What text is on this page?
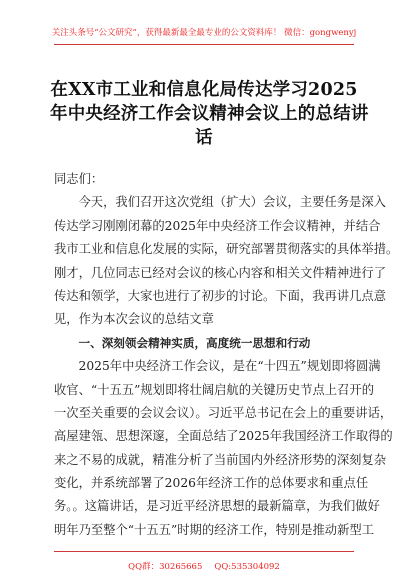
关注头条号“公文研究”，获得最新最全最专业的公文资料库！ 微信：gongwenyj
在XX市工业和信息化局传达学习2025
年中央经济工作会议精神会议上的总结讲
话
同志们：
今天，我们召开这次党组（扩大）会议，主要任务是深入
传达学习刚刚闭幕的2025年中央经济工作会议精神，并结合
我市工业和信息化发展的实际，研究部署贯彻落实的具体举措。
刚才，几位同志已经对会议的核心内容和相关文件精神进行了
传达和领学，大家也进行了初步的讨论。下面，我再讲几点意
见，作为本次会议的总结文章
一、深刻领会精神实质，高度统一思想和行动
2025年中央经济工作会议，是在“十四五”规划即将圆满
收官、“十五五”规划即将壮阔启航的关键历史节点上召开的
一次至关重要的会议会议）。习近平总书记在会上的重要讲话，
高屋建瓴、思想深邃，全面总结了2025年我国经济工作取得的
来之不易的成就，精准分析了当前国内外经济形势的深刻复杂
变化，并系统部署了2026年经济工作的总体要求和重点任
务。。这篇讲话，是习近平经济思想的最新篇章，为我们做好
明年乃至整个“十五五”时期的经济工作，特别是推动新型工
QQ群：30265665 QQ:535304092
